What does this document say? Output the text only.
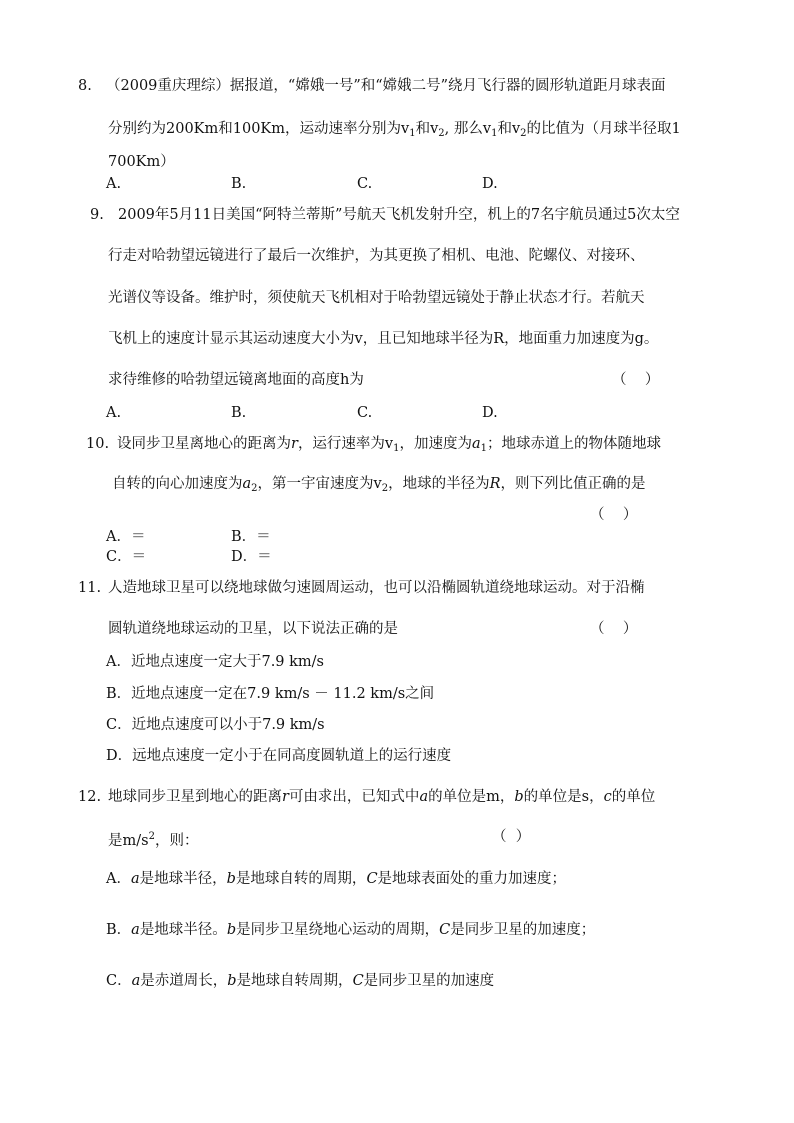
8. （2009重庆理综）据报道，“嫦娥一号”和“嫦娥二号”绕月飞行器的圆形轨道距月球表面
分别约为200Km和100Km，运动速率分别为$v_1$和$v_2$, 那么$v_1$和$v_2$的比值为（月球半径取1
700Km）
A.	B.	C.	D.
9. 2009年5月11日美国“阿特兰蒂斯”号航天飞机发射升空，机上的7名宇航员通过5次太空
行走对哈勃望远镜进行了最后一次维护，为其更换了相机、电池、陀螺仪、对接环、
光谱仪等设备。维护时，须使航天飞机相对于哈勃望远镜处于静止状态才行。若航天
飞机上的速度计显示其运动速度大小为v，且已知地球半径为R，地面重力加速度为g。
求待维修的哈勃望远镜离地面的高度h为	（    ）
A.	B.	C.	D.
10. 设同步卫星离地心的距离为r，运行速率为$v_1$，加速度为$a_1$；地球赤道上的物体随地球
自转的向心加速度为$a_2$，第一宇宙速度为$v_2$，地球的半径为R，则下列比值正确的是
（    ）
A．＝	B．＝
C．＝	D．＝
11. 人造地球卫星可以绕地球做匀速圆周运动，也可以沿椭圆轨道绕地球运动。对于沿椭
圆轨道绕地球运动的卫星，以下说法正确的是	（    ）
A．近地点速度一定大于7.9 km/s
B．近地点速度一定在7.9 km/s － 11.2 km/s之间
C．近地点速度可以小于7.9 km/s
D．远地点速度一定小于在同高度圆轨道上的运行速度
12. 地球同步卫星到地心的距离r可由求出，已知式中a的单位是m，b的单位是s，c的单位
是$m/s^2$，则：	（  ）
A．a是地球半径，b是地球自转的周期，C是地球表面处的重力加速度；
B．a是地球半径。b是同步卫星绕地心运动的周期，C是同步卫星的加速度；
C．a是赤道周长，b是地球自转周期，C是同步卫星的加速度
